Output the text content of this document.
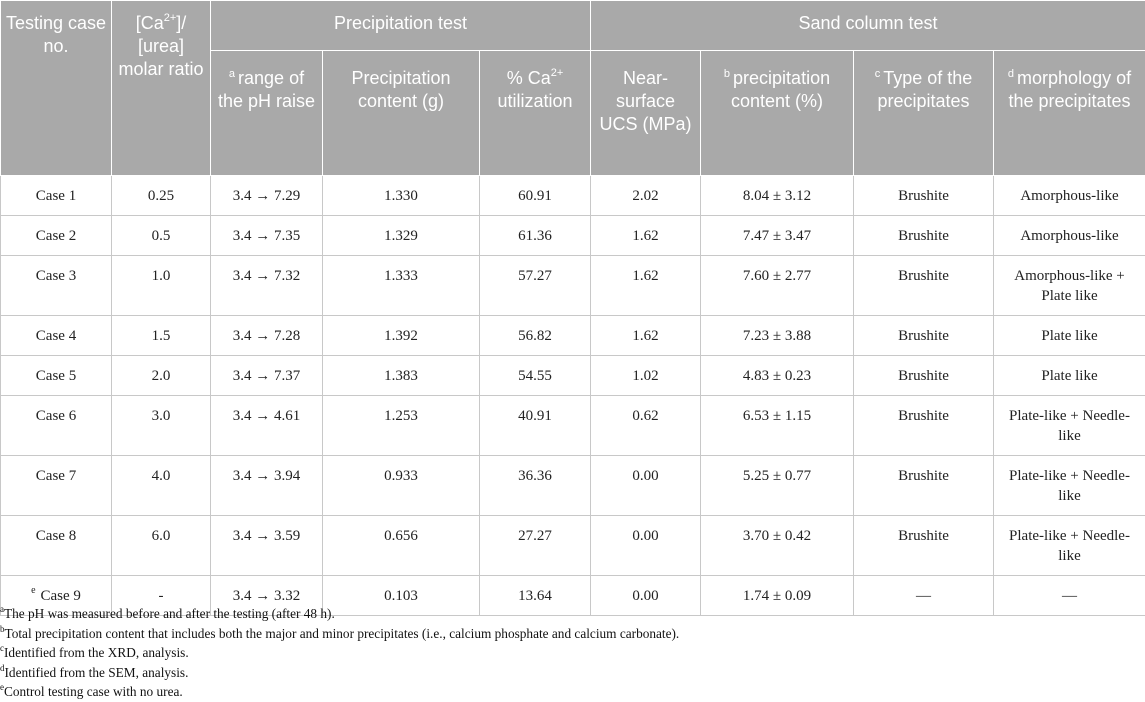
Testing case no.	$[Ca^{2+}]/$ [urea] molar ratio	Precipitation test			Sand column test			
		$^a$ range of the pH raise	Precipitation content (g)	% $Ca^{2+}$ utilization	Near-surface UCS (MPa)	$^b$ precipitation content (%)	$^c$ Type of the precipitates	$^d$ morphology of the precipitates
Case 1	0.25	3.4 → 7.29	1.330	60.91	2.02	8.04 ± 3.12	Brushite	Amorphous-like
Case 2	0.5	3.4 → 7.35	1.329	61.36	1.62	7.47 ± 3.47	Brushite	Amorphous-like
Case 3	1.0	3.4 → 7.32	1.333	57.27	1.62	7.60 ± 2.77	Brushite	Amorphous-like + Plate like
Case 4	1.5	3.4 → 7.28	1.392	56.82	1.62	7.23 ± 3.88	Brushite	Plate like
Case 5	2.0	3.4 → 7.37	1.383	54.55	1.02	4.83 ± 0.23	Brushite	Plate like
Case 6	3.0	3.4 → 4.61	1.253	40.91	0.62	6.53 ± 1.15	Brushite	Plate-like + Needle-like
Case 7	4.0	3.4 → 3.94	0.933	36.36	0.00	5.25 ± 0.77	Brushite	Plate-like + Needle-like
Case 8	6.0	3.4 → 3.59	0.656	27.27	0.00	3.70 ± 0.42	Brushite	Plate-like + Needle-like
$^e$ Case 9	-	3.4 → 3.32	0.103	13.64	0.00	1.74 ± 0.09	—	—
$^a$The pH was measured before and after the testing (after 48 h).
$^b$Total precipitation content that includes both the major and minor precipitates (i.e., calcium phosphate and calcium carbonate).
$^c$Identified from the XRD, analysis.
$^d$Identified from the SEM, analysis.
$^e$Control testing case with no urea.
